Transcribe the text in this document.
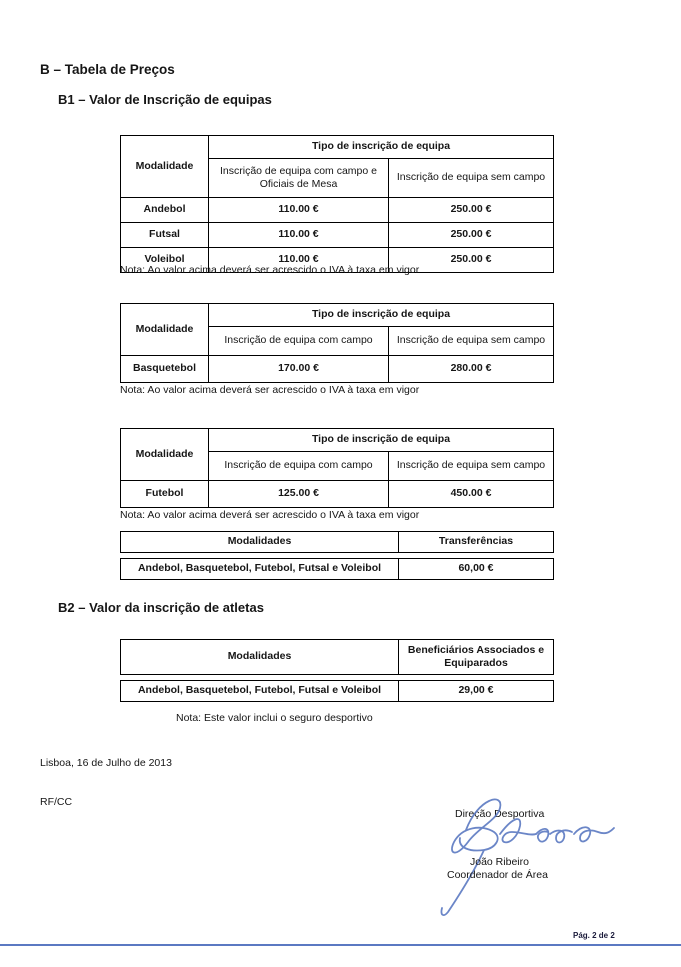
B – Tabela de Preços
B1 – Valor de Inscrição de equipas
Modalidade	Tipo de inscrição de equipa	
	Inscrição de equipa com campo e Oficiais de Mesa	Inscrição de equipa sem campo
Andebol	110.00 €	250.00 €
Futsal	110.00 €	250.00 €
Voleibol	110.00 €	250.00 €
Nota: Ao valor acima deverá ser acrescido o IVA à taxa em vigor
Modalidade	Tipo de inscrição de equipa	
	Inscrição de equipa com campo	Inscrição de equipa sem campo
Basquetebol	170.00 €	280.00 €
Nota: Ao valor acima deverá ser acrescido o IVA à taxa em vigor
Modalidade	Tipo de inscrição de equipa	
	Inscrição de equipa com campo	Inscrição de equipa sem campo
Futebol	125.00 €	450.00 €
Nota: Ao valor acima deverá ser acrescido o IVA à taxa em vigor
Modalidades	Transferências
Andebol, Basquetebol, Futebol, Futsal e Voleibol	60,00 €
B2 – Valor da inscrição de atletas
Modalidades	Beneficiários Associados e Equiparados
Andebol, Basquetebol, Futebol, Futsal e Voleibol	29,00 €
Nota: Este valor inclui o seguro desportivo
Lisboa, 16 de Julho de 2013
RF/CC
Direção Desportiva
João Ribeiro
Coordenador de Área
Pág. 2 de 2
